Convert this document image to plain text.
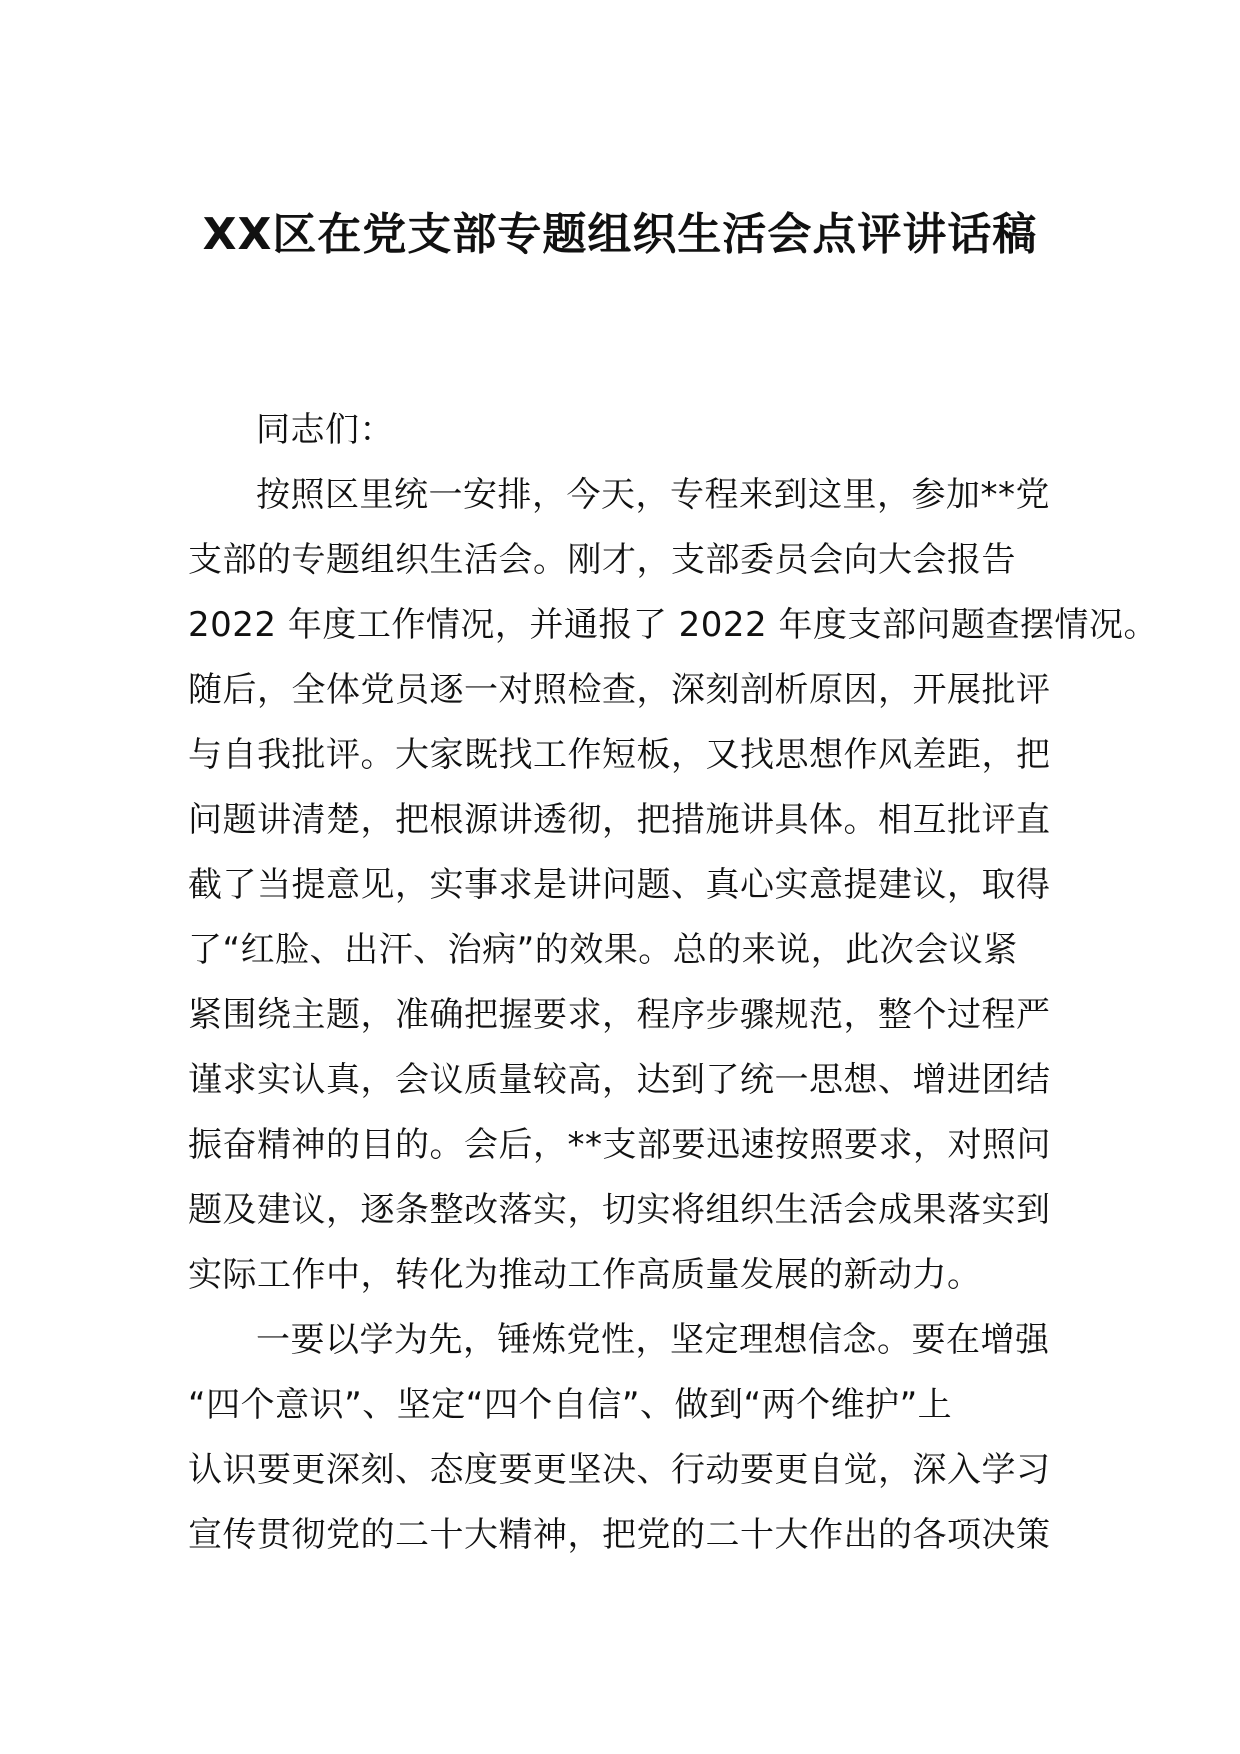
XX区在党支部专题组织生活会点评讲话稿
同志们：
按照区里统一安排，今天，专程来到这里，参加**党
支部的专题组织生活会。刚才，支部委员会向大会报告
2022 年度工作情况，并通报了 2022 年度支部问题查摆情况。
随后，全体党员逐一对照检查，深刻剖析原因，开展批评
与自我批评。大家既找工作短板，又找思想作风差距，把
问题讲清楚，把根源讲透彻，把措施讲具体。相互批评直
截了当提意见，实事求是讲问题、真心实意提建议，取得
了“红脸、出汗、治病”的效果。总的来说，此次会议紧
紧围绕主题，准确把握要求，程序步骤规范，整个过程严
谨求实认真，会议质量较高，达到了统一思想、增进团结
振奋精神的目的。会后，**支部要迅速按照要求，对照问
题及建议，逐条整改落实，切实将组织生活会成果落实到
实际工作中，转化为推动工作高质量发展的新动力。
一要以学为先，锤炼党性，坚定理想信念。要在增强
“四个意识”、坚定“四个自信”、做到“两个维护”上
认识要更深刻、态度要更坚决、行动要更自觉，深入学习
宣传贯彻党的二十大精神，把党的二十大作出的各项决策
